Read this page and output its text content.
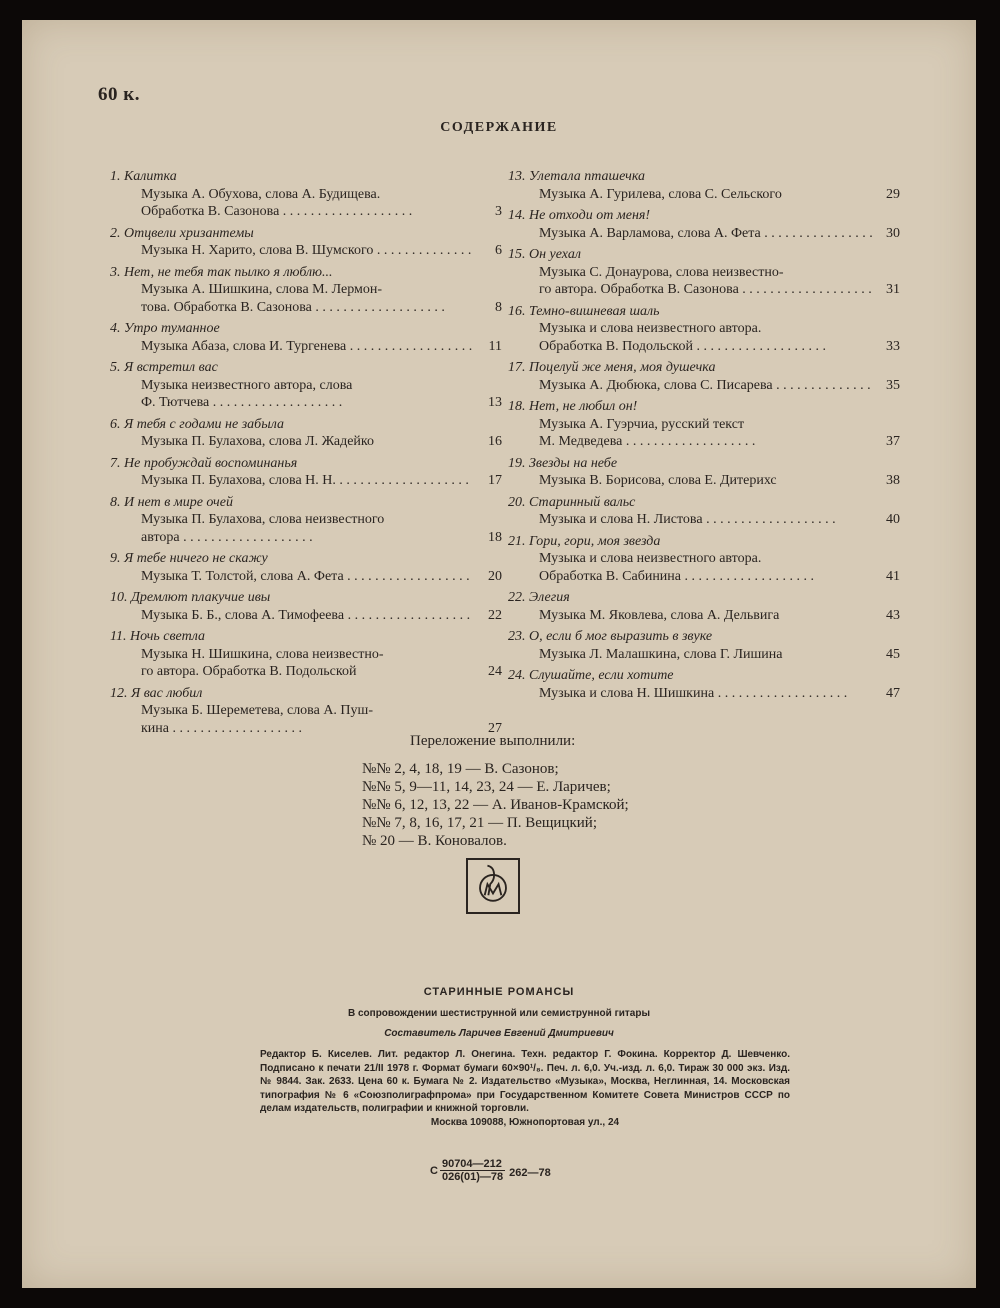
60 к.
СОДЕРЖАНИЕ
1. Калитка
Музыка А. Обухова, слова А. Будищева.
Обработка В. Сазонова . .	3
2. Отцвели хризантемы
Музыка Н. Харито, слова В. Шумского . .	6
3. Нет, не тебя так пылко я люблю...
Музыка А. Шишкина, слова М. Лермон-
това. Обработка В. Сазонова . .	8
4. Утро туманное
Музыка Абаза, слова И. Тургенева . .	11
5. Я встретил вас
Музыка неизвестного автора, слова
Ф. Тютчева . .	13
6. Я тебя с годами не забыла
Музыка П. Булахова, слова Л. Жадейко	16
7. Не пробуждай воспоминанья
Музыка П. Булахова, слова Н. Н. . .	17
8. И нет в мире очей
Музыка П. Булахова, слова неизвестного
автора . .	18
9. Я тебе ничего не скажу
Музыка Т. Толстой, слова А. Фета . .	20
10. Дремлют плакучие ивы
Музыка Б. Б., слова А. Тимофеева . .	22
11. Ночь светла
Музыка Н. Шишкина, слова неизвестно-
го автора. Обработка В. Подольской	24
12. Я вас любил
Музыка Б. Шереметева, слова А. Пуш-
кина . .	27
13. Улетала пташечка
Музыка А. Гурилева, слова С. Сельского	29
14. Не отходи от меня!
Музыка А. Варламова, слова А. Фета . .	30
15. Он уехал
Музыка С. Донаурова, слова неизвестно-
го автора. Обработка В. Сазонова . .	31
16. Темно-вишневая шаль
Музыка и слова неизвестного автора.
Обработка В. Подольской . .	33
17. Поцелуй же меня, моя душечка
Музыка А. Дюбюка, слова С. Писарева . .	35
18. Нет, не любил он!
Музыка А. Гуэрчиа, русский текст
М. Медведева . .	37
19. Звезды на небе
Музыка В. Борисова, слова Е. Дитерихс	38
20. Старинный вальс
Музыка и слова Н. Листова . .	40
21. Гори, гори, моя звезда
Музыка и слова неизвестного автора.
Обработка В. Сабинина . .	41
22. Элегия
Музыка М. Яковлева, слова А. Дельвига	43
23. О, если б мог выразить в звуке
Музыка Л. Малашкина, слова Г. Лишина	45
24. Слушайте, если хотите
Музыка и слова Н. Шишкина . .	47
Переложение выполнили:
№№ 2, 4, 18, 19 — В. Сазонов;
№№ 5, 9—11, 14, 23, 24 — Е. Ларичев;
№№ 6, 12, 13, 22 — А. Иванов-Крамской;
№№ 7, 8, 16, 17, 21 — П. Вещицкий;
№ 20 — В. Коновалов.
СТАРИННЫЕ РОМАНСЫ
В сопровождении шестиструнной или семиструнной гитары
Составитель Ларичев Евгений Дмитриевич
Редактор Б. Киселев. Лит. редактор Л. Онегина. Техн. редактор Г. Фокина. Корректор Д. Шевченко. Подписано к печати 21/II 1978 г. Формат бумаги 60×90¹/₈. Печ. л. 6,0. Уч.-изд. л. 6,0. Тираж 30 000 экз. Изд. № 9844. Зак. 2633. Цена 60 к. Бумага № 2. Издательство «Музыка», Москва, Неглинная, 14. Московская типография № 6 «Союзполиграфпрома» при Государственном Комитете Совета Министров СССР по делам издательств, полиграфии и книжной торговли.
Москва 109088, Южнопортовая ул., 24
С $\frac{90704—212}{026(01)—78}$ 262—78
